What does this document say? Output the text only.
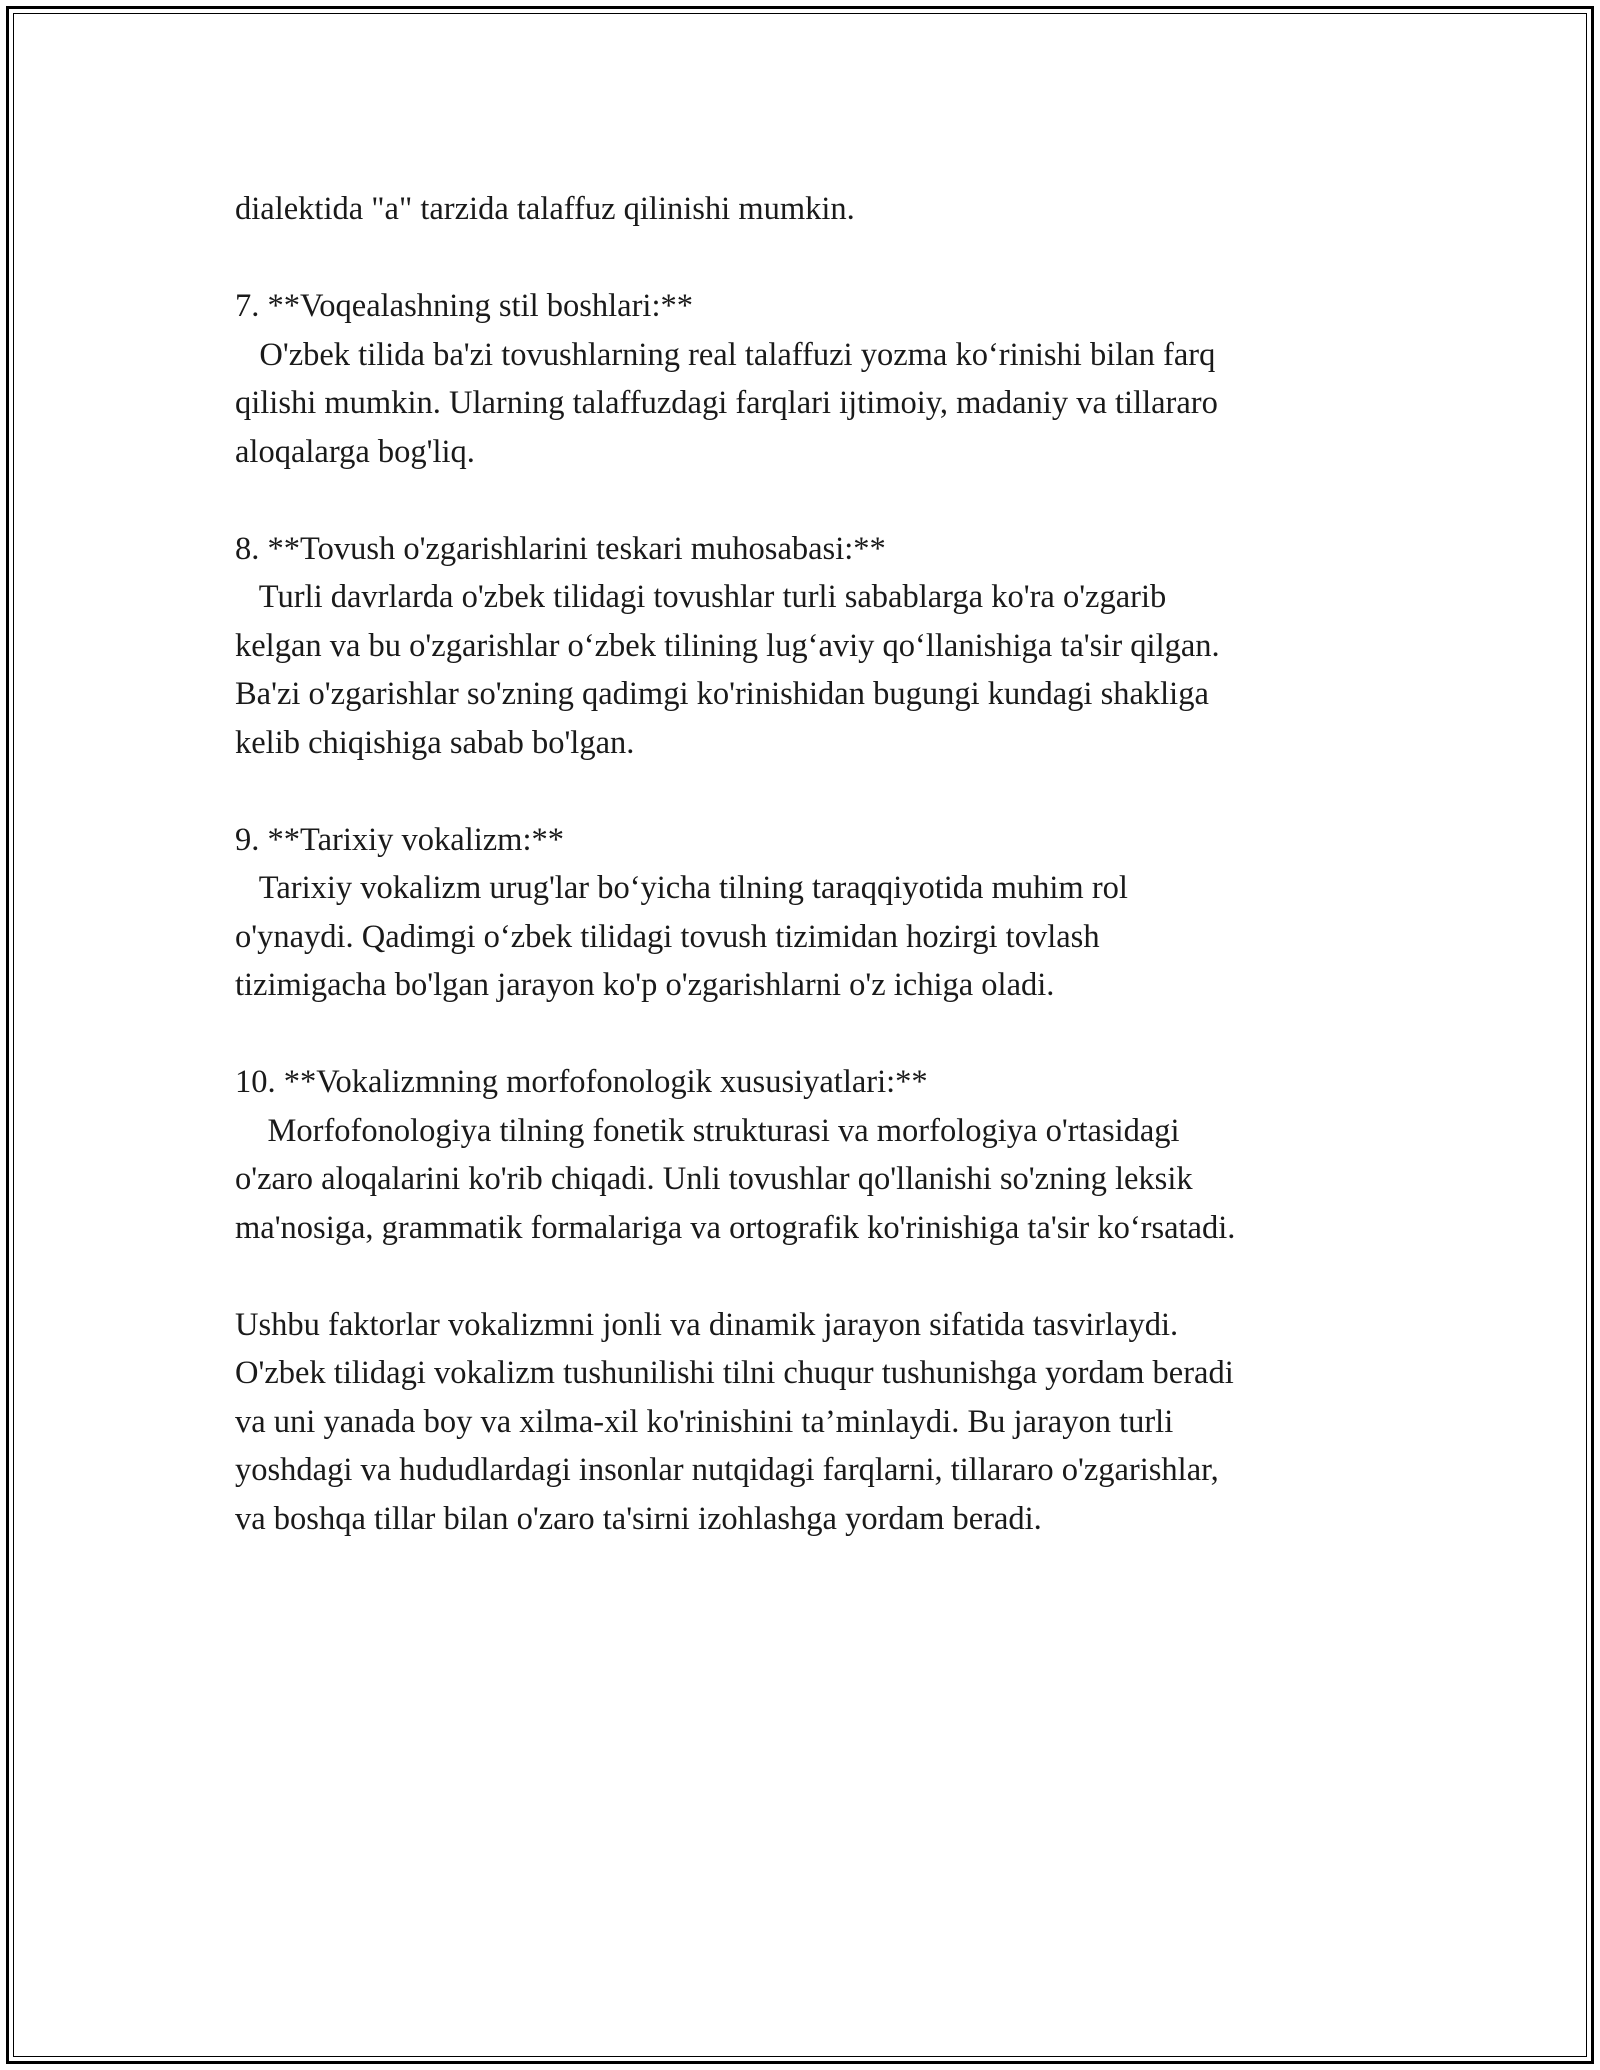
dialektida "a" tarzida talaffuz qilinishi mumkin.
7. **Voqealashning stil boshlari:**
O'zbek tilida ba'zi tovushlarning real talaffuzi yozma ko‘rinishi bilan farq
qilishi mumkin. Ularning talaffuzdagi farqlari ijtimoiy, madaniy va tillararo
aloqalarga bog'liq.
8. **Tovush o'zgarishlarini teskari muhosabasi:**
Turli davrlarda o'zbek tilidagi tovushlar turli sabablarga ko'ra o'zgarib
kelgan va bu o'zgarishlar o‘zbek tilining lug‘aviy qo‘llanishiga ta'sir qilgan.
Ba'zi o'zgarishlar so'zning qadimgi ko'rinishidan bugungi kundagi shakliga
kelib chiqishiga sabab bo'lgan.
9. **Tarixiy vokalizm:**
Tarixiy vokalizm urug'lar bo‘yicha tilning taraqqiyotida muhim rol
o'ynaydi. Qadimgi o‘zbek tilidagi tovush tizimidan hozirgi tovlash
tizimigacha bo'lgan jarayon ko'p o'zgarishlarni o'z ichiga oladi.
10. **Vokalizmning morfofonologik xususiyatlari:**
Morfofonologiya tilning fonetik strukturasi va morfologiya o'rtasidagi
o'zaro aloqalarini ko'rib chiqadi. Unli tovushlar qo'llanishi so'zning leksik
ma'nosiga, grammatik formalariga va ortografik ko'rinishiga ta'sir ko‘rsatadi.
Ushbu faktorlar vokalizmni jonli va dinamik jarayon sifatida tasvirlaydi.
O'zbek tilidagi vokalizm tushunilishi tilni chuqur tushunishga yordam beradi
va uni yanada boy va xilma-xil ko'rinishini ta’minlaydi. Bu jarayon turli
yoshdagi va hududlardagi insonlar nutqidagi farqlarni, tillararo o'zgarishlar,
va boshqa tillar bilan o'zaro ta'sirni izohlashga yordam beradi.
